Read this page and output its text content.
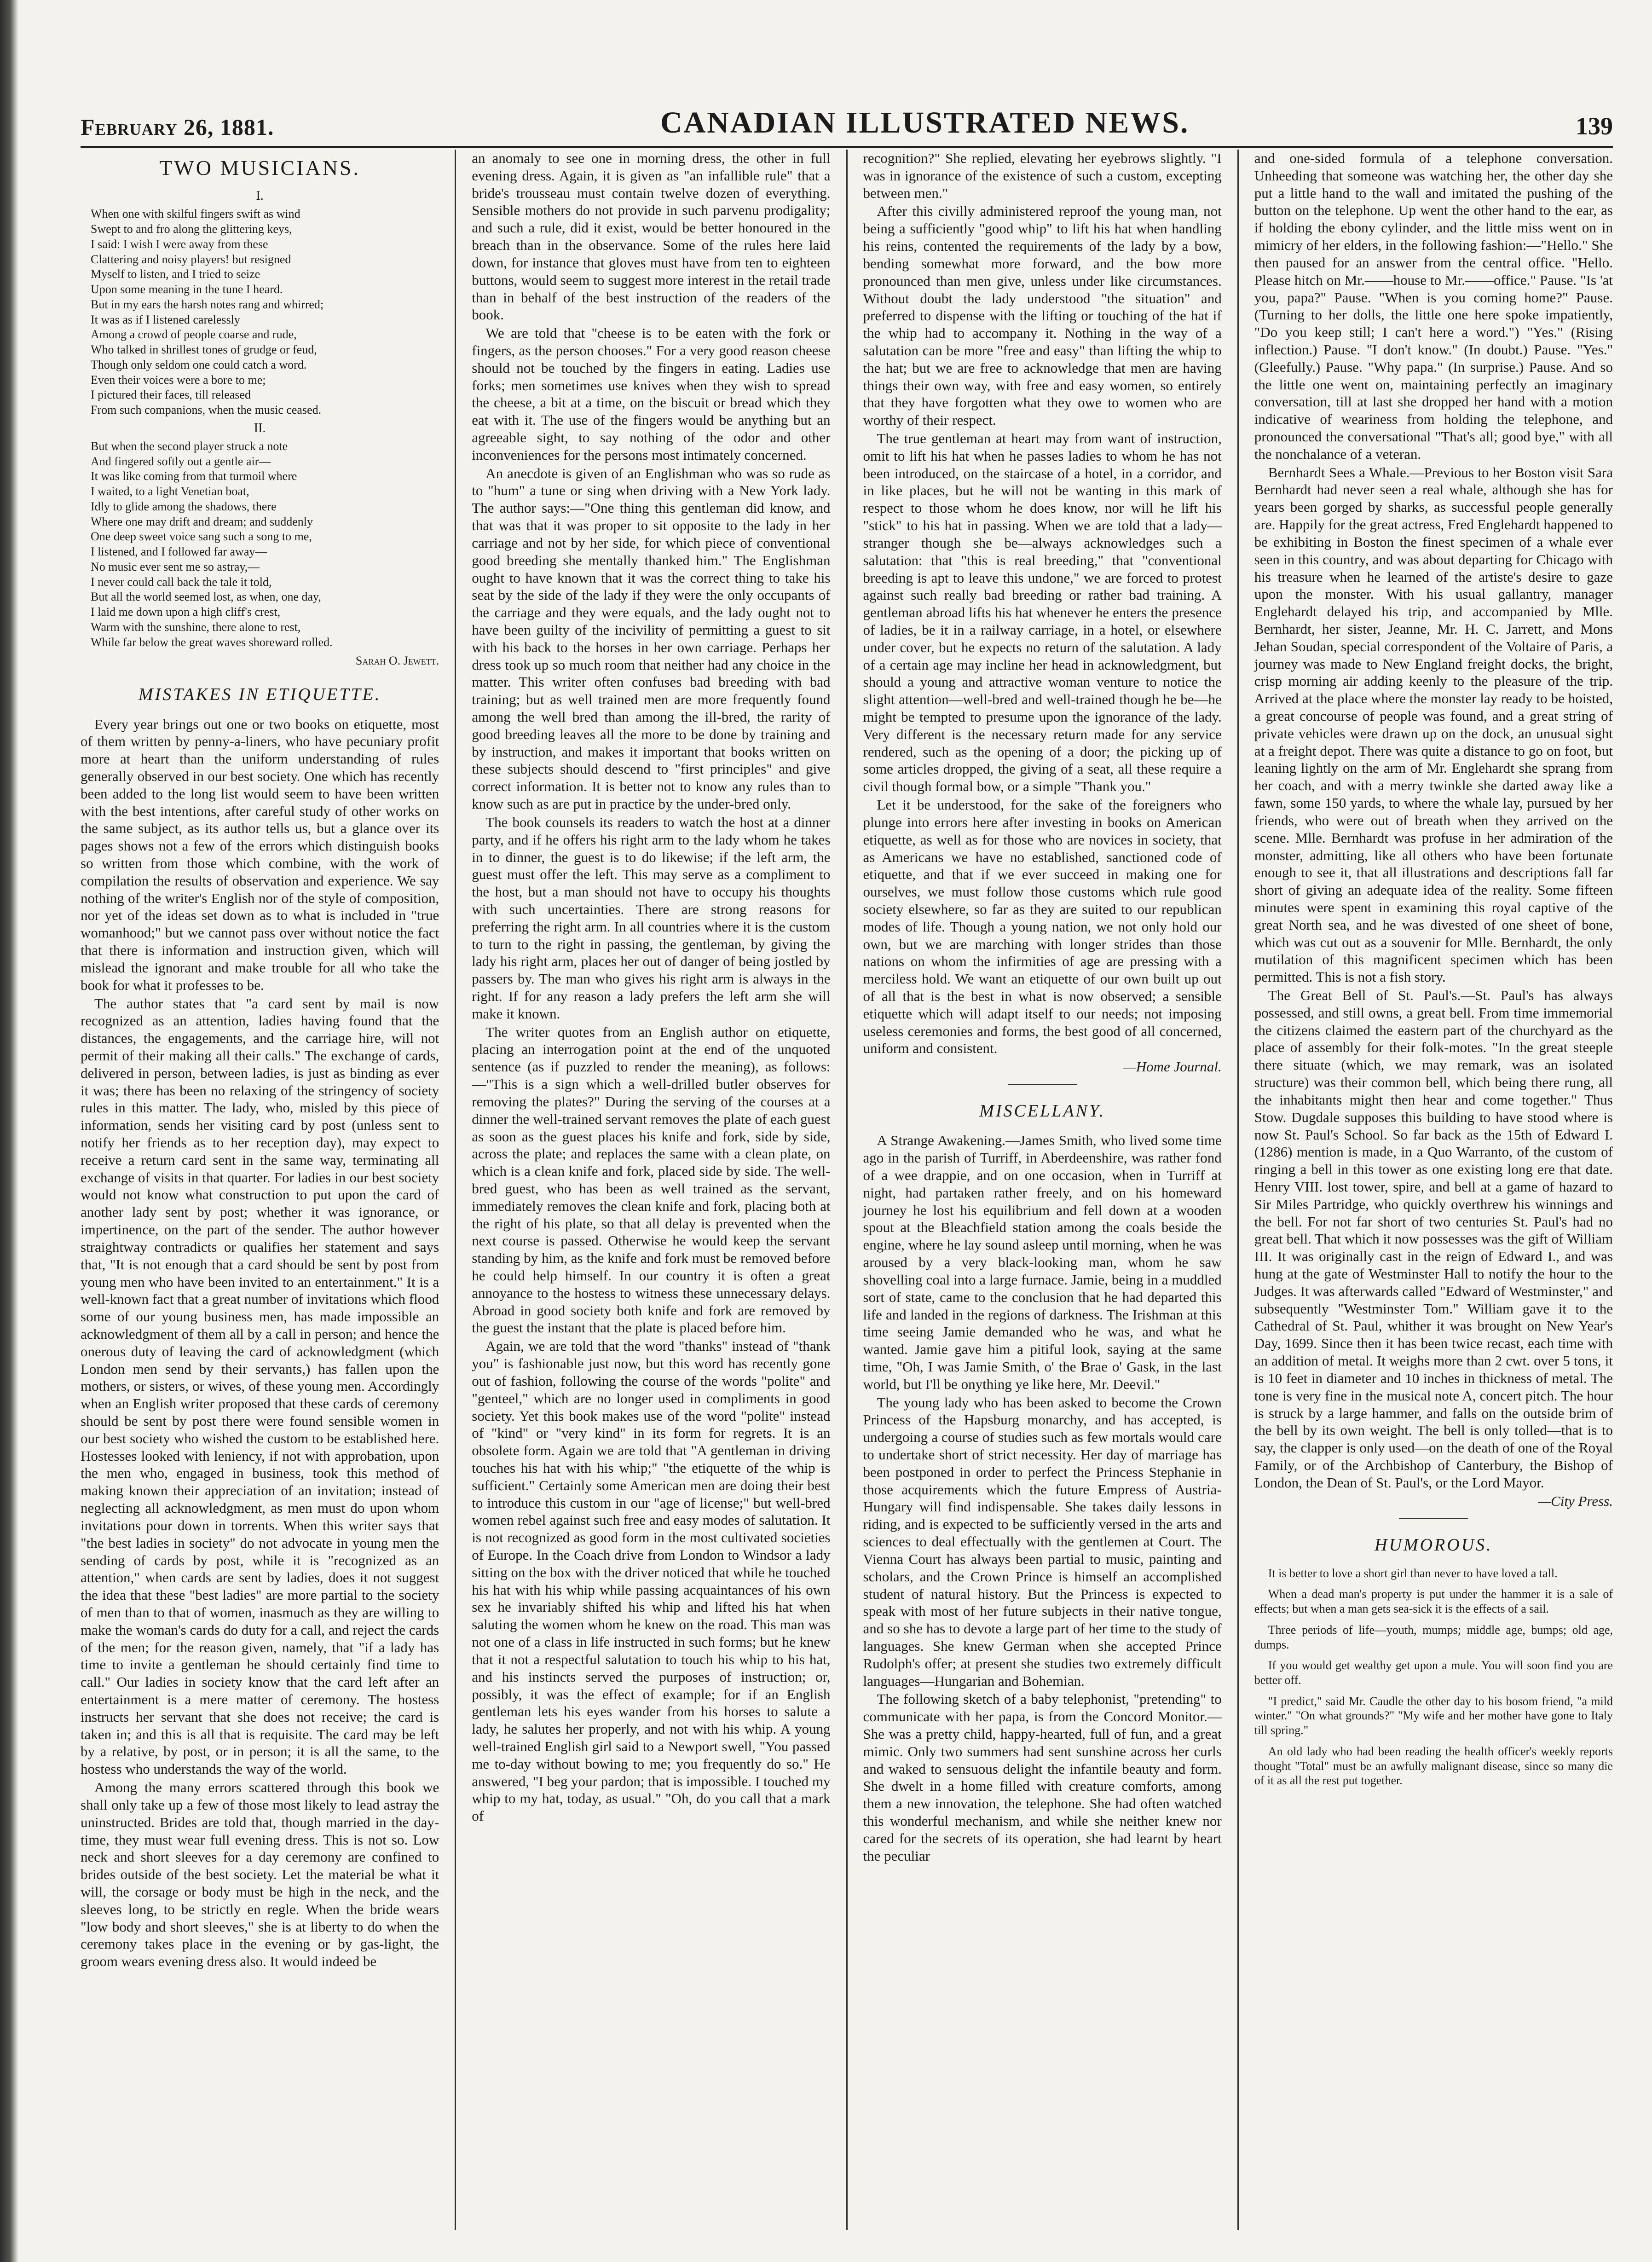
February 26, 1881.	CANADIAN ILLUSTRATED NEWS.	139
TWO MUSICIANS.
I.
When one with skilful fingers swift as wind
Swept to and fro along the glittering keys,
I said: I wish I were away from these
Clattering and noisy players! but resigned
Myself to listen, and I tried to seize
Upon some meaning in the tune I heard.
But in my ears the harsh notes rang and whirred;
It was as if I listened carelessly
Among a crowd of people coarse and rude,
Who talked in shrillest tones of grudge or feud,
Though only seldom one could catch a word.
Even their voices were a bore to me;
I pictured their faces, till released
From such companions, when the music ceased.
II.
But when the second player struck a note
And fingered softly out a gentle air—
It was like coming from that turmoil where
I waited, to a light Venetian boat,
Idly to glide among the shadows, there
Where one may drift and dream; and suddenly
One deep sweet voice sang such a song to me,
I listened, and I followed far away—
No music ever sent me so astray,—
I never could call back the tale it told,
But all the world seemed lost, as when, one day,
I laid me down upon a high cliff's crest,
Warm with the sunshine, there alone to rest,
While far below the great waves shoreward rolled.
Sarah O. Jewett.
MISTAKES IN ETIQUETTE.

Every year brings out one or two books on etiquette, most of them written by penny-a-liners, who have pecuniary profit more at heart than the uniform understanding of rules generally observed in our best society. One which has recently been added to the long list would seem to have been written with the best intentions, after careful study of other works on the same subject, as its author tells us, but a glance over its pages shows not a few of the errors which distinguish books so written from those which combine, with the work of compilation the results of observation and experience. We say nothing of the writer's English nor of the style of composition, nor yet of the ideas set down as to what is included in "true womanhood;" but we cannot pass over without notice the fact that there is information and instruction given, which will mislead the ignorant and make trouble for all who take the book for what it professes to be.

The author states that "a card sent by mail is now recognized as an attention, ladies having found that the distances, the engagements, and the carriage hire, will not permit of their making all their calls." The exchange of cards, delivered in person, between ladies, is just as binding as ever it was; there has been no relaxing of the stringency of society rules in this matter. The lady, who, misled by this piece of information, sends her visiting card by post (unless sent to notify her friends as to her reception day), may expect to receive a return card sent in the same way, terminating all exchange of visits in that quarter. For ladies in our best society would not know what construction to put upon the card of another lady sent by post; whether it was ignorance, or impertinence, on the part of the sender. The author however straightway contradicts or qualifies her statement and says that, "It is not enough that a card should be sent by post from young men who have been invited to an entertainment." It is a well-known fact that a great number of invitations which flood some of our young business men, has made impossible an acknowledgment of them all by a call in person; and hence the onerous duty of leaving the card of acknowledgment (which London men send by their servants,) has fallen upon the mothers, or sisters, or wives, of these young men. Accordingly when an English writer proposed that these cards of ceremony should be sent by post there were found sensible women in our best society who wished the custom to be established here. Hostesses looked with leniency, if not with approbation, upon the men who, engaged in business, took this method of making known their appreciation of an invitation; instead of neglecting all acknowledgment, as men must do upon whom invitations pour down in torrents. When this writer says that "the best ladies in society" do not advocate in young men the sending of cards by post, while it is "recognized as an attention," when cards are sent by ladies, does it not suggest the idea that these "best ladies" are more partial to the society of men than to that of women, inasmuch as they are willing to make the woman's cards do duty for a call, and reject the cards of the men; for the reason given, namely, that "if a lady has time to invite a gentleman he should certainly find time to call." Our ladies in society know that the card left after an entertainment is a mere matter of ceremony. The hostess instructs her servant that she does not receive; the card is taken in; and this is all that is requisite. The card may be left by a relative, by post, or in person; it is all the same, to the hostess who understands the way of the world.

Among the many errors scattered through this book we shall only take up a few of those most likely to lead astray the uninstructed. Brides are told that, though married in the day-time, they must wear full evening dress. This is not so. Low neck and short sleeves for a day ceremony are confined to brides outside of the best society. Let the material be what it will, the corsage or body must be high in the neck, and the sleeves long, to be strictly en regle. When the bride wears "low body and short sleeves," she is at liberty to do when the ceremony takes place in the evening or by gas-light, the groom wears evening dress also. It would indeed be

an anomaly to see one in morning dress, the other in full evening dress. Again, it is given as "an infallible rule" that a bride's trousseau must contain twelve dozen of everything. Sensible mothers do not provide in such parvenu prodigality; and such a rule, did it exist, would be better honoured in the breach than in the observance. Some of the rules here laid down, for instance that gloves must have from ten to eighteen buttons, would seem to suggest more interest in the retail trade than in behalf of the best instruction of the readers of the book.

We are told that "cheese is to be eaten with the fork or fingers, as the person chooses." For a very good reason cheese should not be touched by the fingers in eating. Ladies use forks; men sometimes use knives when they wish to spread the cheese, a bit at a time, on the biscuit or bread which they eat with it. The use of the fingers would be anything but an agreeable sight, to say nothing of the odor and other inconveniences for the persons most intimately concerned.

An anecdote is given of an Englishman who was so rude as to "hum" a tune or sing when driving with a New York lady. The author says:—"One thing this gentleman did know, and that was that it was proper to sit opposite to the lady in her carriage and not by her side, for which piece of conventional good breeding she mentally thanked him." The Englishman ought to have known that it was the correct thing to take his seat by the side of the lady if they were the only occupants of the carriage and they were equals, and the lady ought not to have been guilty of the incivility of permitting a guest to sit with his back to the horses in her own carriage. Perhaps her dress took up so much room that neither had any choice in the matter. This writer often confuses bad breeding with bad training; but as well trained men are more frequently found among the well bred than among the ill-bred, the rarity of good breeding leaves all the more to be done by training and by instruction, and makes it important that books written on these subjects should descend to "first principles" and give correct information. It is better not to know any rules than to know such as are put in practice by the under-bred only.

The book counsels its readers to watch the host at a dinner party, and if he offers his right arm to the lady whom he takes in to dinner, the guest is to do likewise; if the left arm, the guest must offer the left. This may serve as a compliment to the host, but a man should not have to occupy his thoughts with such uncertainties. There are strong reasons for preferring the right arm. In all countries where it is the custom to turn to the right in passing, the gentleman, by giving the lady his right arm, places her out of danger of being jostled by passers by. The man who gives his right arm is always in the right. If for any reason a lady prefers the left arm she will make it known.

The writer quotes from an English author on etiquette, placing an interrogation point at the end of the unquoted sentence (as if puzzled to render the meaning), as follows:—"This is a sign which a well-drilled butler observes for removing the plates?" During the serving of the courses at a dinner the well-trained servant removes the plate of each guest as soon as the guest places his knife and fork, side by side, across the plate; and replaces the same with a clean plate, on which is a clean knife and fork, placed side by side. The well-bred guest, who has been as well trained as the servant, immediately removes the clean knife and fork, placing both at the right of his plate, so that all delay is prevented when the next course is passed. Otherwise he would keep the servant standing by him, as the knife and fork must be removed before he could help himself. In our country it is often a great annoyance to the hostess to witness these unnecessary delays. Abroad in good society both knife and fork are removed by the guest the instant that the plate is placed before him.

Again, we are told that the word "thanks" instead of "thank you" is fashionable just now, but this word has recently gone out of fashion, following the course of the words "polite" and "genteel," which are no longer used in compliments in good society. Yet this book makes use of the word "polite" instead of "kind" or "very kind" in its form for regrets. It is an obsolete form. Again we are told that "A gentleman in driving touches his hat with his whip;" "the etiquette of the whip is sufficient." Certainly some American men are doing their best to introduce this custom in our "age of license;" but well-bred women rebel against such free and easy modes of salutation. It is not recognized as good form in the most cultivated societies of Europe. In the Coach drive from London to Windsor a lady sitting on the box with the driver noticed that while he touched his hat with his whip while passing acquaintances of his own sex he invariably shifted his whip and lifted his hat when saluting the women whom he knew on the road. This man was not one of a class in life instructed in such forms; but he knew that it not a respectful salutation to touch his whip to his hat, and his instincts served the purposes of instruction; or, possibly, it was the effect of example; for if an English gentleman lets his eyes wander from his horses to salute a lady, he salutes her properly, and not with his whip. A young well-trained English girl said to a Newport swell, "You passed me to-day without bowing to me; you frequently do so." He answered, "I beg your pardon; that is impossible. I touched my whip to my hat, today, as usual." "Oh, do you call that a mark of

recognition?" She replied, elevating her eyebrows slightly. "I was in ignorance of the existence of such a custom, excepting between men."

After this civilly administered reproof the young man, not being a sufficiently "good whip" to lift his hat when handling his reins, contented the requirements of the lady by a bow, bending somewhat more forward, and the bow more pronounced than men give, unless under like circumstances. Without doubt the lady understood "the situation" and preferred to dispense with the lifting or touching of the hat if the whip had to accompany it. Nothing in the way of a salutation can be more "free and easy" than lifting the whip to the hat; but we are free to acknowledge that men are having things their own way, with free and easy women, so entirely that they have forgotten what they owe to women who are worthy of their respect.

The true gentleman at heart may from want of instruction, omit to lift his hat when he passes ladies to whom he has not been introduced, on the staircase of a hotel, in a corridor, and in like places, but he will not be wanting in this mark of respect to those whom he does know, nor will he lift his "stick" to his hat in passing. When we are told that a lady—stranger though she be—always acknowledges such a salutation: that "this is real breeding," that "conventional breeding is apt to leave this undone," we are forced to protest against such really bad breeding or rather bad training. A gentleman abroad lifts his hat whenever he enters the presence of ladies, be it in a railway carriage, in a hotel, or elsewhere under cover, but he expects no return of the salutation. A lady of a certain age may incline her head in acknowledgment, but should a young and attractive woman venture to notice the slight attention—well-bred and well-trained though he be—he might be tempted to presume upon the ignorance of the lady. Very different is the necessary return made for any service rendered, such as the opening of a door; the picking up of some articles dropped, the giving of a seat, all these require a civil though formal bow, or a simple "Thank you."

Let it be understood, for the sake of the foreigners who plunge into errors here after investing in books on American etiquette, as well as for those who are novices in society, that as Americans we have no established, sanctioned code of etiquette, and that if we ever succeed in making one for ourselves, we must follow those customs which rule good society elsewhere, so far as they are suited to our republican modes of life. Though a young nation, we not only hold our own, but we are marching with longer strides than those nations on whom the infirmities of age are pressing with a merciless hold. We want an etiquette of our own built up out of all that is the best in what is now observed; a sensible etiquette which will adapt itself to our needs; not imposing useless ceremonies and forms, the best good of all concerned, uniform and consistent.

—Home Journal.

MISCELLANY.

A Strange Awakening.—James Smith, who lived some time ago in the parish of Turriff, in Aberdeenshire, was rather fond of a wee drappie, and on one occasion, when in Turriff at night, had partaken rather freely, and on his homeward journey he lost his equilibrium and fell down at a wooden spout at the Bleachfield station among the coals beside the engine, where he lay sound asleep until morning, when he was aroused by a very black-looking man, whom he saw shovelling coal into a large furnace. Jamie, being in a muddled sort of state, came to the conclusion that he had departed this life and landed in the regions of darkness. The Irishman at this time seeing Jamie demanded who he was, and what he wanted. Jamie gave him a pitiful look, saying at the same time, "Oh, I was Jamie Smith, o' the Brae o' Gask, in the last world, but I'll be onything ye like here, Mr. Deevil."

The young lady who has been asked to become the Crown Princess of the Hapsburg monarchy, and has accepted, is undergoing a course of studies such as few mortals would care to undertake short of strict necessity. Her day of marriage has been postponed in order to perfect the Princess Stephanie in those acquirements which the future Empress of Austria-Hungary will find indispensable. She takes daily lessons in riding, and is expected to be sufficiently versed in the arts and sciences to deal effectually with the gentlemen at Court. The Vienna Court has always been partial to music, painting and scholars, and the Crown Prince is himself an accomplished student of natural history. But the Princess is expected to speak with most of her future subjects in their native tongue, and so she has to devote a large part of her time to the study of languages. She knew German when she accepted Prince Rudolph's offer; at present she studies two extremely difficult languages—Hungarian and Bohemian.

The following sketch of a baby telephonist, "pretending" to communicate with her papa, is from the Concord Monitor.—She was a pretty child, happy-hearted, full of fun, and a great mimic. Only two summers had sent sunshine across her curls and waked to sensuous delight the infantile beauty and form. She dwelt in a home filled with creature comforts, among them a new innovation, the telephone. She had often watched this wonderful mechanism, and while she neither knew nor cared for the secrets of its operation, she had learnt by heart the peculiar

and one-sided formula of a telephone conversation. Unheeding that someone was watching her, the other day she put a little hand to the wall and imitated the pushing of the button on the telephone. Up went the other hand to the ear, as if holding the ebony cylinder, and the little miss went on in mimicry of her elders, in the following fashion:—"Hello." She then paused for an answer from the central office. "Hello. Please hitch on Mr.——house to Mr.——office." Pause. "Is 'at you, papa?" Pause. "When is you coming home?" Pause. (Turning to her dolls, the little one here spoke impatiently, "Do you keep still; I can't here a word.") "Yes." (Rising inflection.) Pause. "I don't know." (In doubt.) Pause. "Yes." (Gleefully.) Pause. "Why papa." (In surprise.) Pause. And so the little one went on, maintaining perfectly an imaginary conversation, till at last she dropped her hand with a motion indicative of weariness from holding the telephone, and pronounced the conversational "That's all; good bye," with all the nonchalance of a veteran.

Bernhardt Sees a Whale.—Previous to her Boston visit Sara Bernhardt had never seen a real whale, although she has for years been gorged by sharks, as successful people generally are. Happily for the great actress, Fred Englehardt happened to be exhibiting in Boston the finest specimen of a whale ever seen in this country, and was about departing for Chicago with his treasure when he learned of the artiste's desire to gaze upon the monster. With his usual gallantry, manager Englehardt delayed his trip, and accompanied by Mlle. Bernhardt, her sister, Jeanne, Mr. H. C. Jarrett, and Mons Jehan Soudan, special correspondent of the Voltaire of Paris, a journey was made to New England freight docks, the bright, crisp morning air adding keenly to the pleasure of the trip. Arrived at the place where the monster lay ready to be hoisted, a great concourse of people was found, and a great string of private vehicles were drawn up on the dock, an unusual sight at a freight depot. There was quite a distance to go on foot, but leaning lightly on the arm of Mr. Englehardt she sprang from her coach, and with a merry twinkle she darted away like a fawn, some 150 yards, to where the whale lay, pursued by her friends, who were out of breath when they arrived on the scene. Mlle. Bernhardt was profuse in her admiration of the monster, admitting, like all others who have been fortunate enough to see it, that all illustrations and descriptions fall far short of giving an adequate idea of the reality. Some fifteen minutes were spent in examining this royal captive of the great North sea, and he was divested of one sheet of bone, which was cut out as a souvenir for Mlle. Bernhardt, the only mutilation of this magnificent specimen which has been permitted. This is not a fish story.

The Great Bell of St. Paul's.—St. Paul's has always possessed, and still owns, a great bell. From time immemorial the citizens claimed the eastern part of the churchyard as the place of assembly for their folk-motes. "In the great steeple there situate (which, we may remark, was an isolated structure) was their common bell, which being there rung, all the inhabitants might then hear and come together." Thus Stow. Dugdale supposes this building to have stood where is now St. Paul's School. So far back as the 15th of Edward I. (1286) mention is made, in a Quo Warranto, of the custom of ringing a bell in this tower as one existing long ere that date. Henry VIII. lost tower, spire, and bell at a game of hazard to Sir Miles Partridge, who quickly overthrew his winnings and the bell. For not far short of two centuries St. Paul's had no great bell. That which it now possesses was the gift of William III. It was originally cast in the reign of Edward I., and was hung at the gate of Westminster Hall to notify the hour to the Judges. It was afterwards called "Edward of Westminster," and subsequently "Westminster Tom." William gave it to the Cathedral of St. Paul, whither it was brought on New Year's Day, 1699. Since then it has been twice recast, each time with an addition of metal. It weighs more than 2 cwt. over 5 tons, it is 10 feet in diameter and 10 inches in thickness of metal. The tone is very fine in the musical note A, concert pitch. The hour is struck by a large hammer, and falls on the outside brim of the bell by its own weight. The bell is only tolled—that is to say, the clapper is only used—on the death of one of the Royal Family, or of the Archbishop of Canterbury, the Bishop of London, the Dean of St. Paul's, or the Lord Mayor.

—City Press.

HUMOROUS.

It is better to love a short girl than never to have loved a tall.

When a dead man's property is put under the hammer it is a sale of effects; but when a man gets sea-sick it is the effects of a sail.

Three periods of life—youth, mumps; middle age, bumps; old age, dumps.

If you would get wealthy get upon a mule. You will soon find you are better off.

"I predict," said Mr. Caudle the other day to his bosom friend, "a mild winter." "On what grounds?" "My wife and her mother have gone to Italy till spring."

An old lady who had been reading the health officer's weekly reports thought "Total" must be an awfully malignant disease, since so many die of it as all the rest put together.
